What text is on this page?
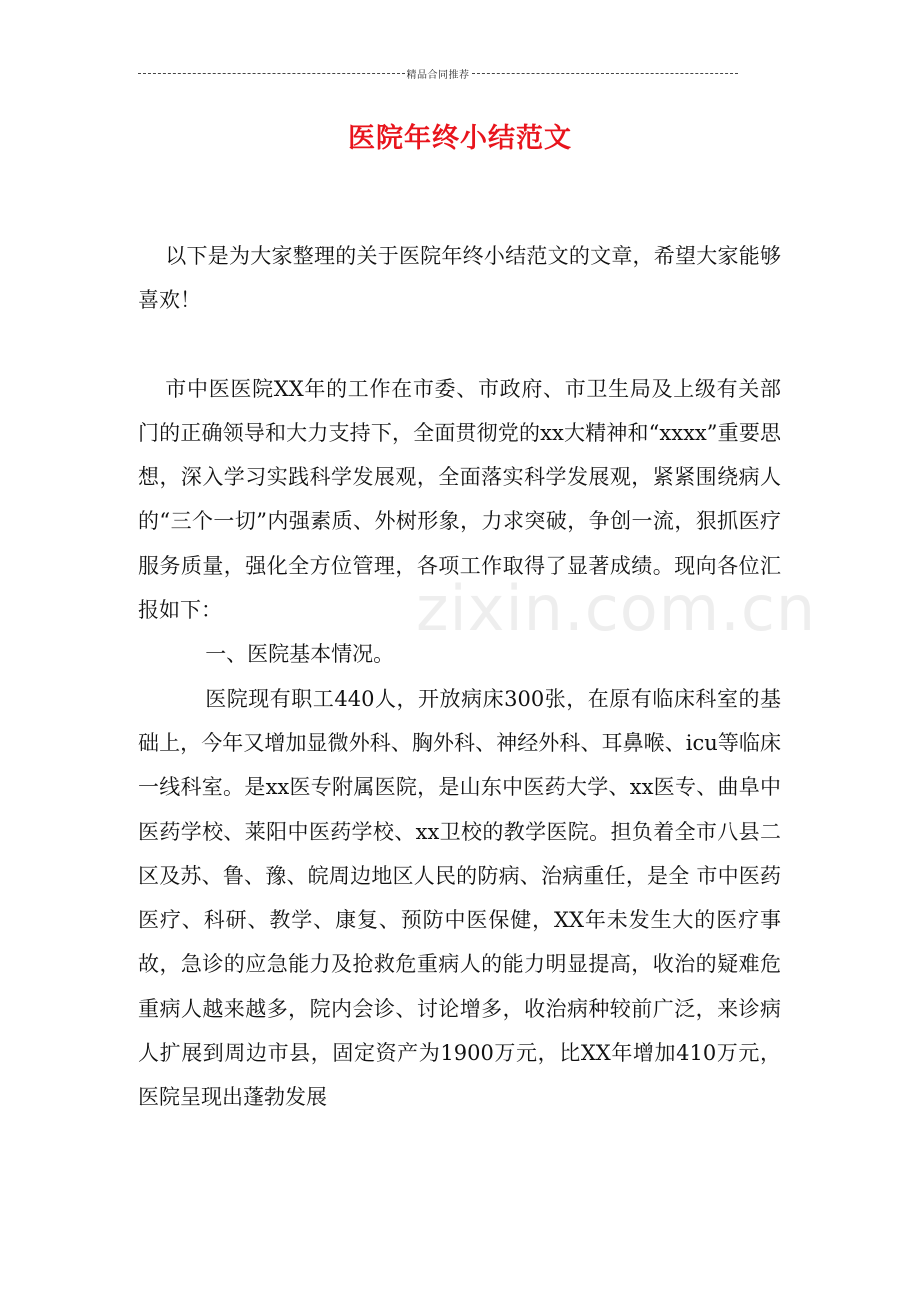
精品合同推荐
医院年终小结范文

以下是为大家整理的关于医院年终小结范文的文章，希望大家能够喜欢！

市中医医院XX年的工作在市委、市政府、市卫生局及上级有关部门的正确领导和大力支持下，全面贯彻党的xx大精神和“xxxx”重要思想，深入学习实践科学发展观，全面落实科学发展观，紧紧围绕病人的“三个一切”内强素质、外树形象，力求突破，争创一流，狠抓医疗服务质量，强化全方位管理，各项工作取得了显著成绩。现向各位汇报如下：

一、医院基本情况。

医院现有职工440人，开放病床300张，在原有临床科室的基础上，今年又增加显微外科、胸外科、神经外科、耳鼻喉、icu等临床一线科室。是xx医专附属医院，是山东中医药大学、xx医专、曲阜中医药学校、莱阳中医药学校、xx卫校的教学医院。担负着全市八县二区及苏、鲁、豫、皖周边地区人民的防病、治病重任，是全 市中医药医疗、科研、教学、康复、预防中医保健，XX年未发生大的医疗事故，急诊的应急能力及抢救危重病人的能力明显提高，收治的疑难危重病人越来越多，院内会诊、讨论增多，收治病种较前广泛，来诊病人扩展到周边市县，固定资产为1900万元，比XX年增加410万元，医院呈现出蓬勃发展

zixin.com.cn
